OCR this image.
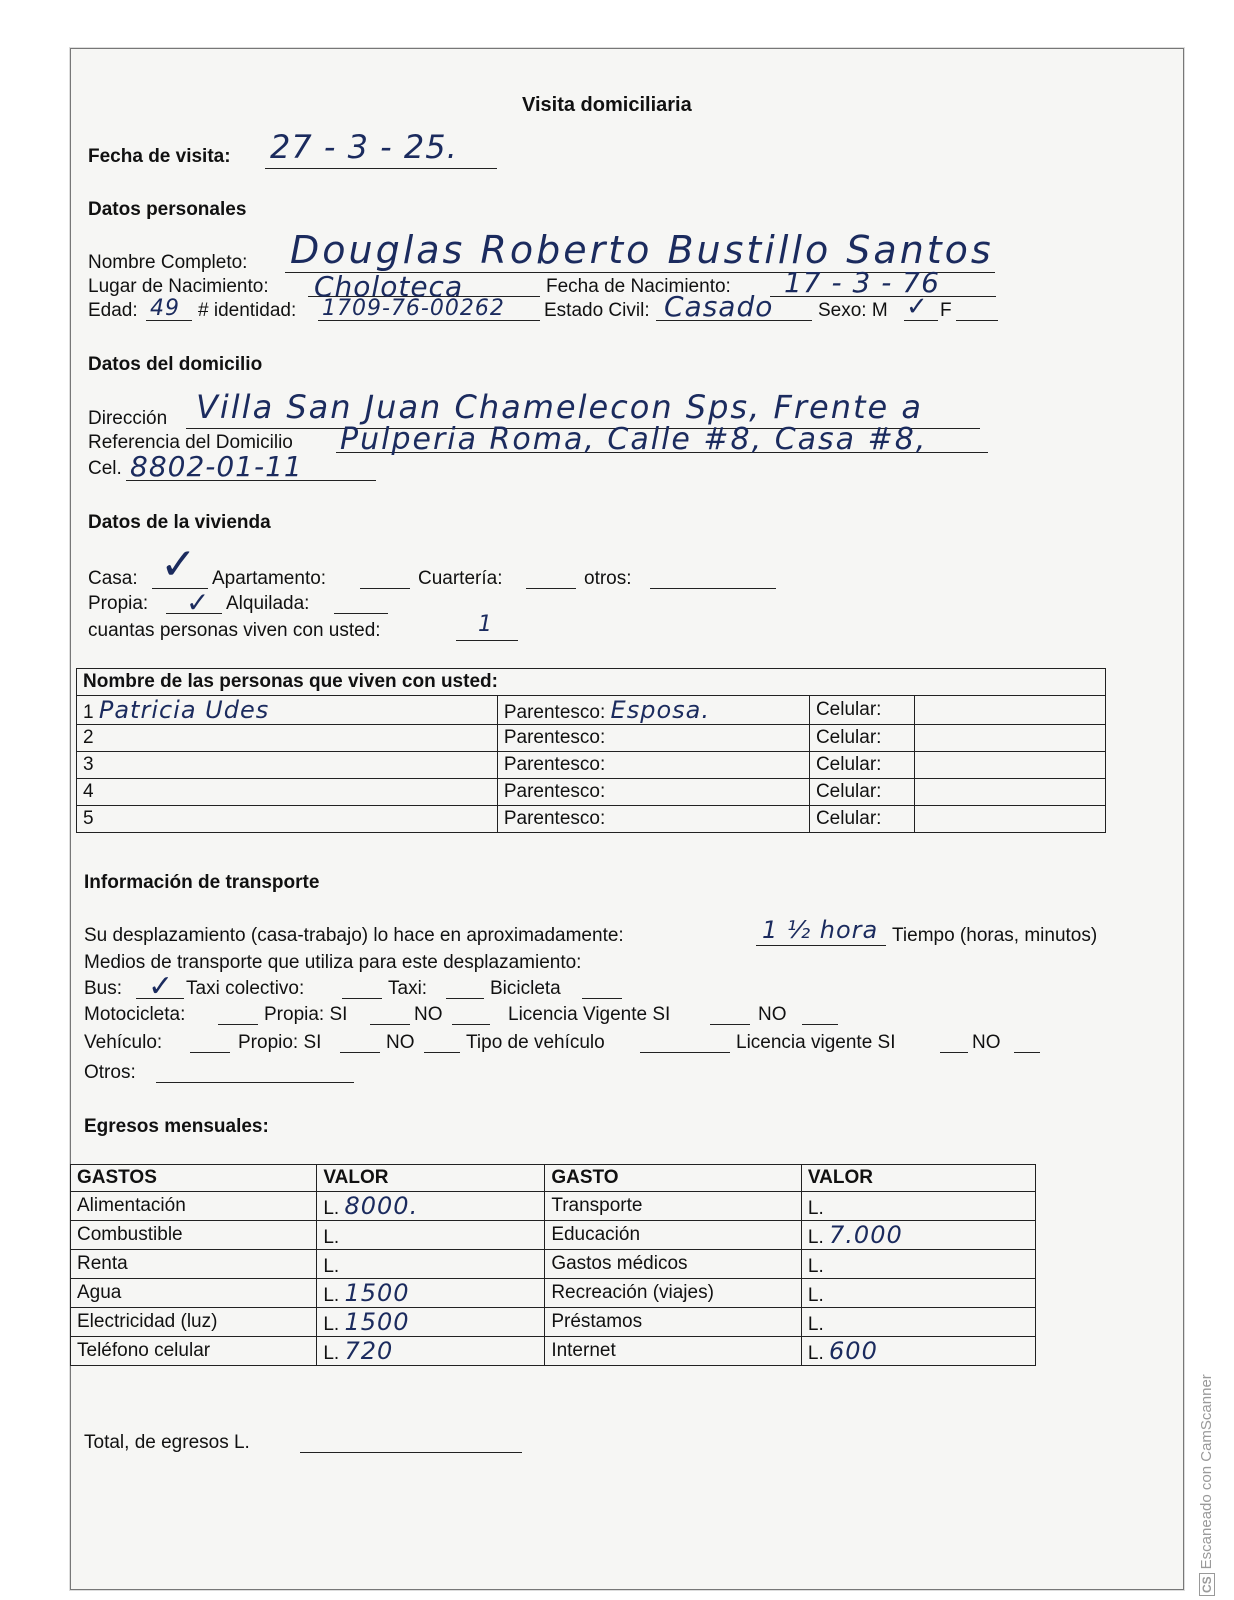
Visita domiciliaria
Fecha de visita: 27 - 3 - 25.
Datos personales
Nombre Completo: Douglas Roberto Bustillo Santos
Lugar de Nacimiento: Choloteca	Fecha de Nacimiento: 17 - 3 - 76
Edad: 49 # identidad: 1709-76-00262 Estado Civil: Casado Sexo: M ✓ F
Datos del domicilio
Dirección Villa San Juan Chamelecon Sps, Frente a
Referencia del Domicilio Pulperia Roma, Calle #8, Casa #8,
Cel. 8802-01-11
Datos de la vivienda
Casa: ✓ Apartamento:	Cuartería:	otros:
Propia: ✓ Alquilada:
cuantas personas viven con usted:	1
Nombre de las personas que viven con usted:			
1 Patricia Udes	Parentesco: Esposa.	Celular:	
2	Parentesco:	Celular:	
3	Parentesco:	Celular:	
4	Parentesco:	Celular:	
5	Parentesco:	Celular:	
Información de transporte
Su desplazamiento (casa-trabajo) lo hace en aproximadamente:	1 ½ hora Tiempo (horas, minutos)
Medios de transporte que utiliza para este desplazamiento:
Bus: ✓ Taxi colectivo:	Taxi:	Bicicleta
Motocicleta:	Propia: SI	NO	Licencia Vigente SI	NO
Vehículo:	Propio: SI	NO	Tipo de vehículo	Licencia vigente SI	NO
Otros:
Egresos mensuales:
GASTOS	VALOR	GASTO	VALOR
Alimentación	L. 8000.	Transporte	L.
Combustible	L.	Educación	L. 7.000
Renta	L.	Gastos médicos	L.
Agua	L. 1500	Recreación (viajes)	L.
Electricidad (luz)	L. 1500	Préstamos	L.
Teléfono celular	L. 720	Internet	L. 600
Total, de egresos L.
CSEscaneado con CamScanner
